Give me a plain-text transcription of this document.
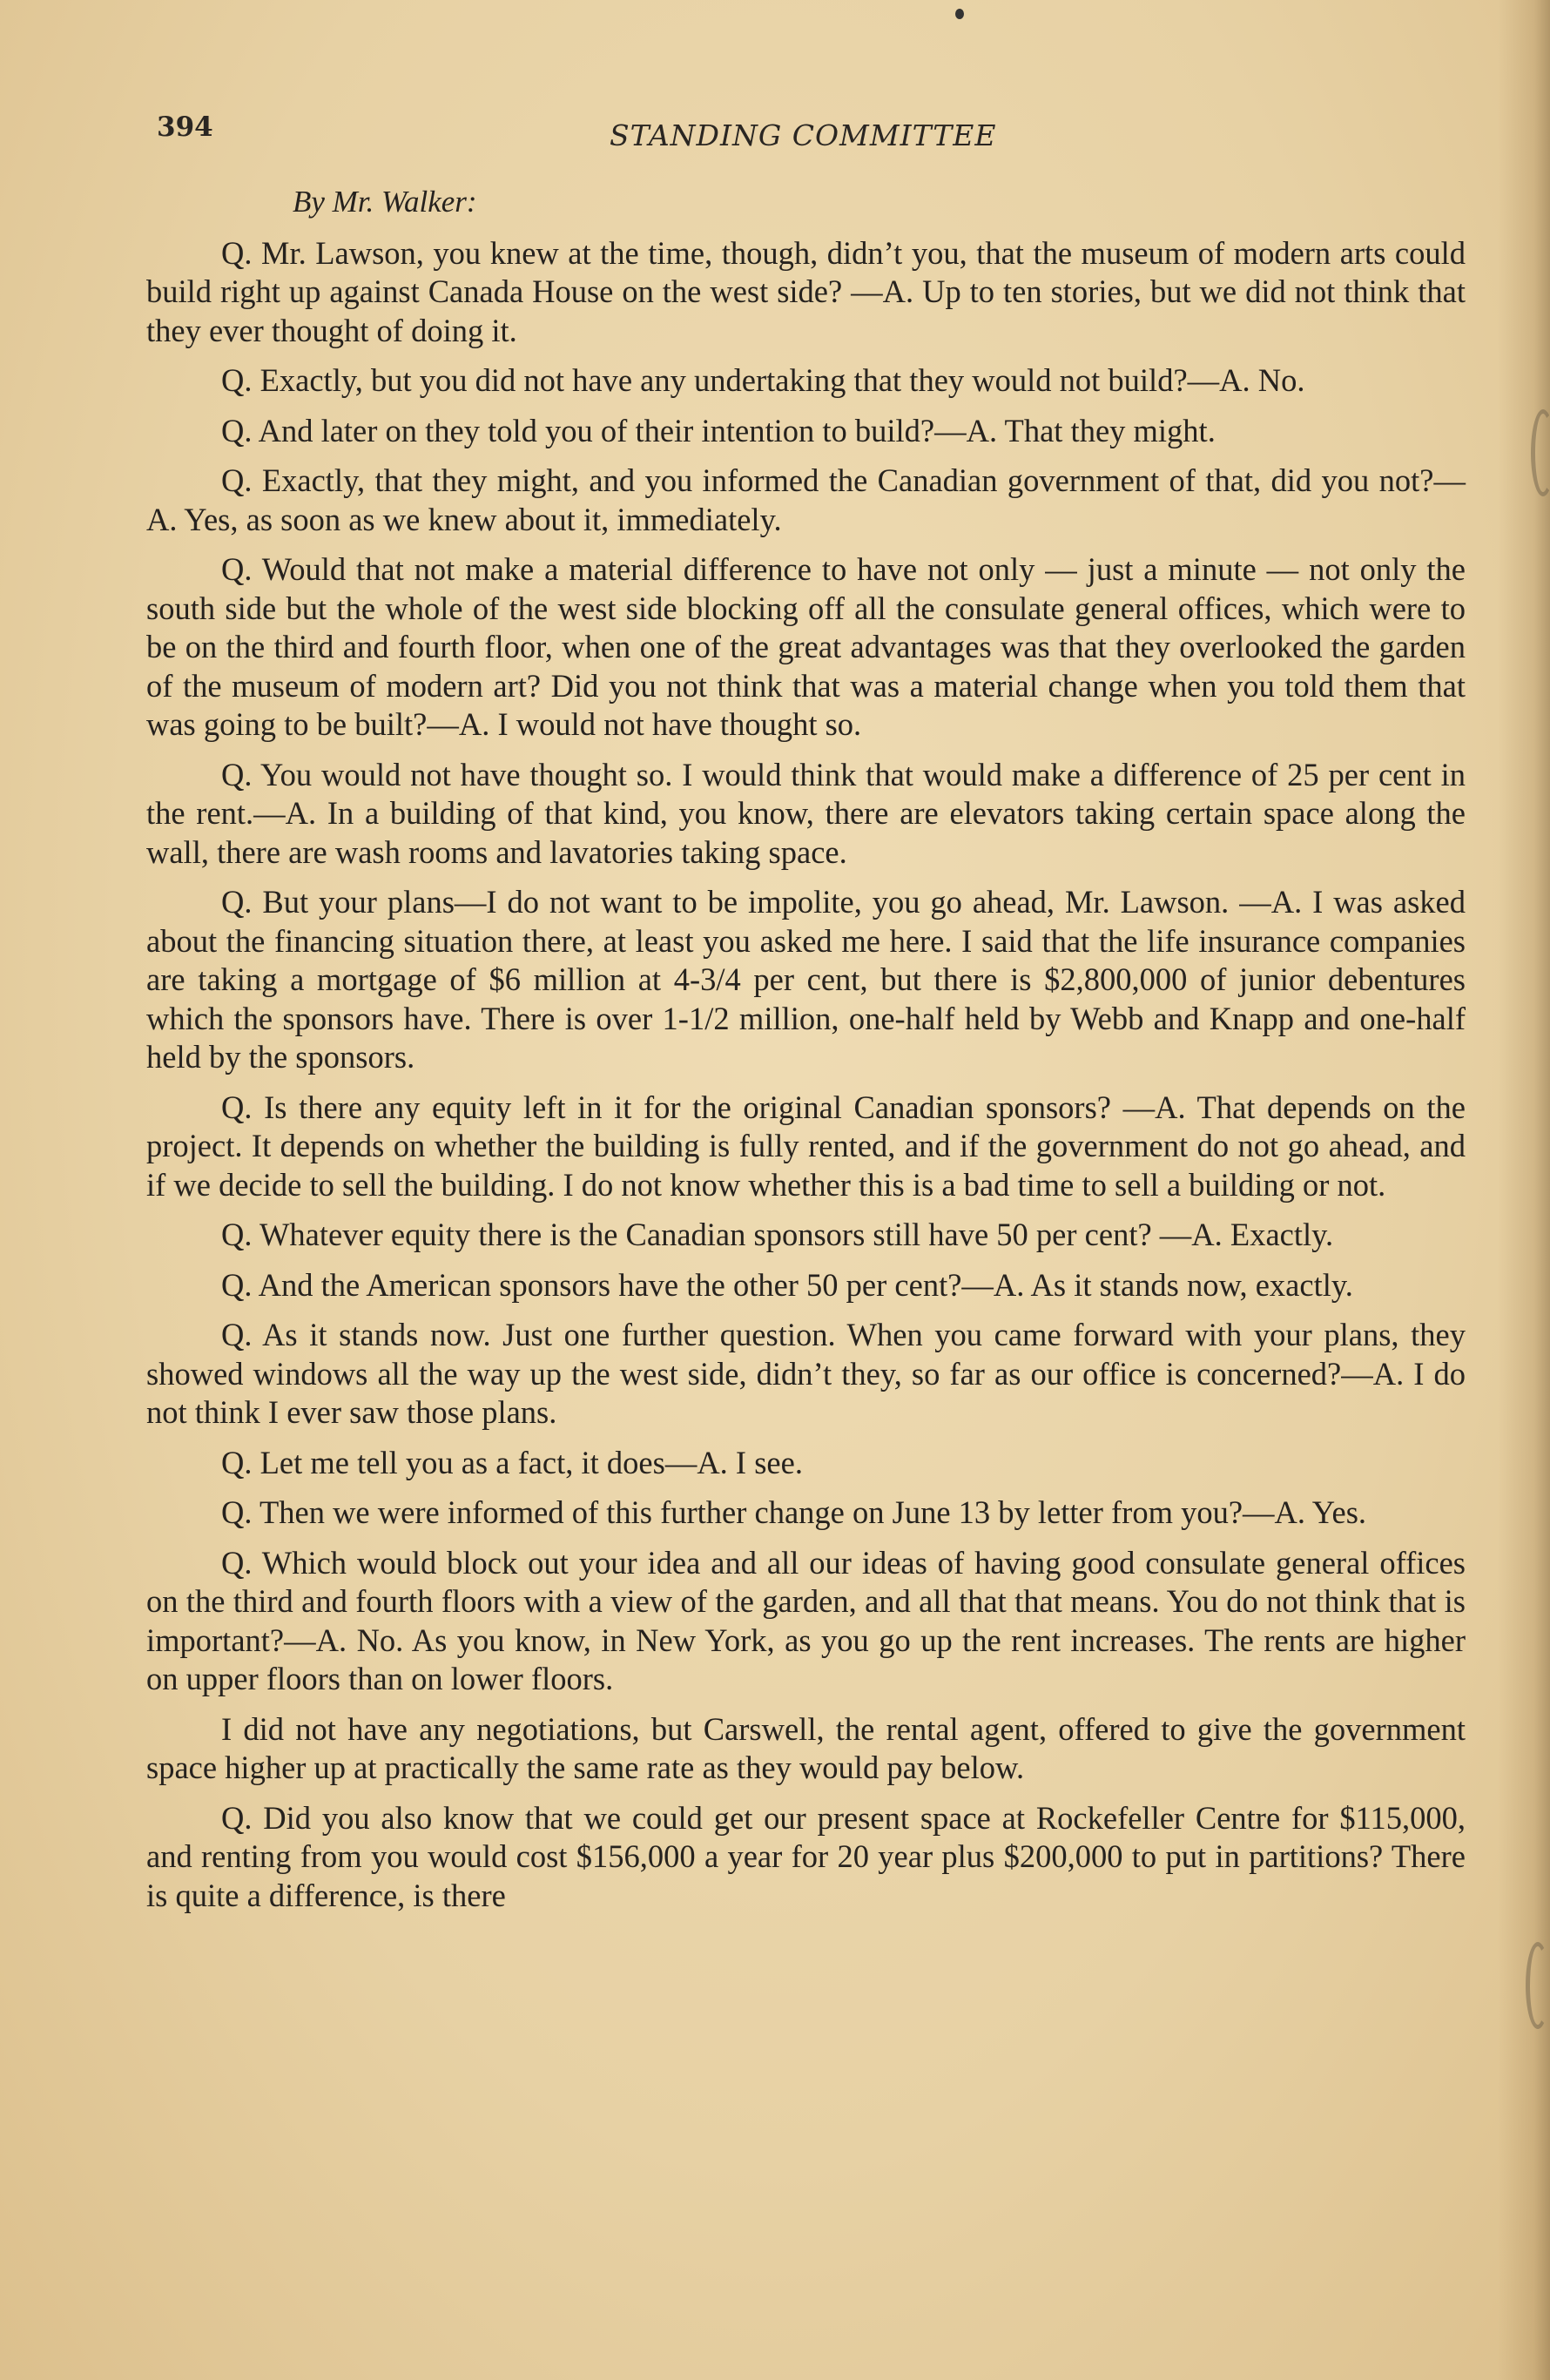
394	STANDING COMMITTEE

By Mr. Walker:

Q. Mr. Lawson, you knew at the time, though, didn’t you, that the museum of modern arts could build right up against Canada House on the west side? —A. Up to ten stories, but we did not think that they ever thought of doing it.

Q. Exactly, but you did not have any undertaking that they would not build?—A. No.

Q. And later on they told you of their intention to build?—A. That they might.

Q. Exactly, that they might, and you informed the Canadian government of that, did you not?—A. Yes, as soon as we knew about it, immediately.

Q. Would that not make a material difference to have not only — just a minute — not only the south side but the whole of the west side blocking off all the consulate general offices, which were to be on the third and fourth floor, when one of the great advantages was that they overlooked the garden of the museum of modern art? Did you not think that was a material change when you told them that was going to be built?—A. I would not have thought so.

Q. You would not have thought so. I would think that would make a difference of 25 per cent in the rent.—A. In a building of that kind, you know, there are elevators taking certain space along the wall, there are wash rooms and lavatories taking space.

Q. But your plans—I do not want to be impolite, you go ahead, Mr. Lawson. —A. I was asked about the financing situation there, at least you asked me here. I said that the life insurance companies are taking a mortgage of $6 million at 4-3/4 per cent, but there is $2,800,000 of junior debentures which the sponsors have. There is over 1-1/2 million, one-half held by Webb and Knapp and one-half held by the sponsors.

Q. Is there any equity left in it for the original Canadian sponsors? —A. That depends on the project. It depends on whether the building is fully rented, and if the government do not go ahead, and if we decide to sell the building. I do not know whether this is a bad time to sell a building or not.

Q. Whatever equity there is the Canadian sponsors still have 50 per cent? —A. Exactly.

Q. And the American sponsors have the other 50 per cent?—A. As it stands now, exactly.

Q. As it stands now. Just one further question. When you came forward with your plans, they showed windows all the way up the west side, didn’t they, so far as our office is concerned?—A. I do not think I ever saw those plans.

Q. Let me tell you as a fact, it does—A. I see.

Q. Then we were informed of this further change on June 13 by letter from you?—A. Yes.

Q. Which would block out your idea and all our ideas of having good consulate general offices on the third and fourth floors with a view of the garden, and all that that means. You do not think that is important?—A. No. As you know, in New York, as you go up the rent increases. The rents are higher on upper floors than on lower floors.

I did not have any negotiations, but Carswell, the rental agent, offered to give the government space higher up at practically the same rate as they would pay below.

Q. Did you also know that we could get our present space at Rockefeller Centre for $115,000, and renting from you would cost $156,000 a year for 20 year plus $200,000 to put in partitions? There is quite a difference, is there
